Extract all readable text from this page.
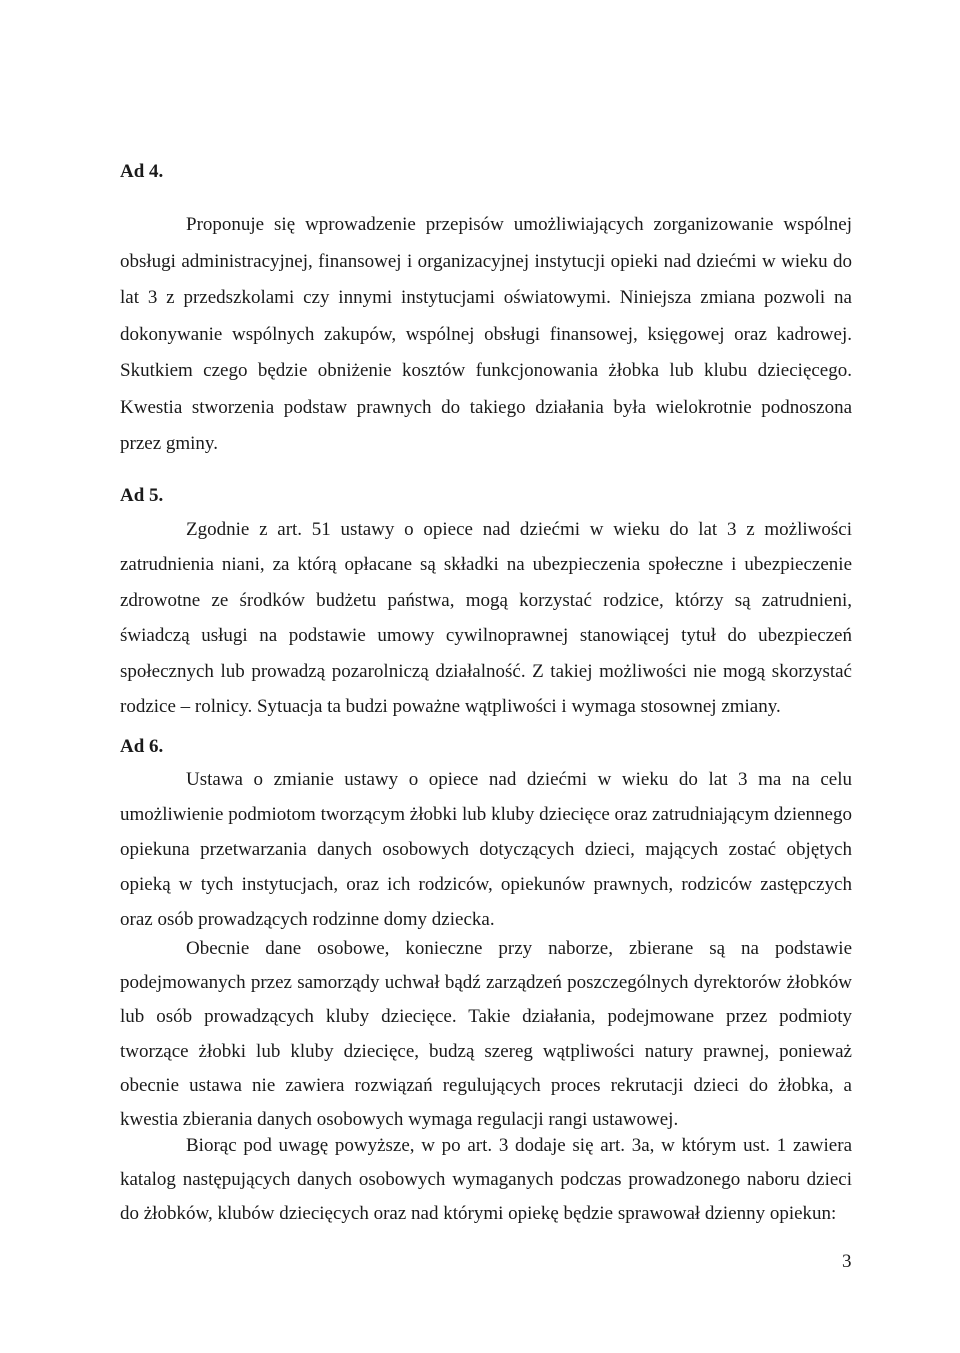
Ad 4.

Proponuje się wprowadzenie przepisów umożliwiających zorganizowanie wspólnej obsługi administracyjnej, finansowej i organizacyjnej instytucji opieki nad dziećmi w wieku do lat 3 z przedszkolami czy innymi instytucjami oświatowymi. Niniejsza zmiana pozwoli na dokonywanie wspólnych zakupów, wspólnej obsługi finansowej, księgowej oraz kadrowej. Skutkiem czego będzie obniżenie kosztów funkcjonowania żłobka lub klubu dziecięcego. Kwestia stworzenia podstaw prawnych do takiego działania była wielokrotnie podnoszona przez gminy.

Ad 5.

Zgodnie z art. 51 ustawy o opiece nad dziećmi w wieku do lat 3 z możliwości zatrudnienia niani, za którą opłacane są składki na ubezpieczenia społeczne i ubezpieczenie zdrowotne ze środków budżetu państwa, mogą korzystać rodzice, którzy są zatrudnieni, świadczą usługi na podstawie umowy cywilnoprawnej stanowiącej tytuł do ubezpieczeń społecznych lub prowadzą pozarolniczą działalność. Z takiej możliwości nie mogą skorzystać rodzice – rolnicy. Sytuacja ta budzi poważne wątpliwości i wymaga stosownej zmiany.

Ad 6.

Ustawa o zmianie ustawy o opiece nad dziećmi w wieku do lat 3 ma na celu umożliwienie podmiotom tworzącym żłobki lub kluby dziecięce oraz zatrudniającym dziennego opiekuna przetwarzania danych osobowych dotyczących dzieci, mających zostać objętych opieką w tych instytucjach, oraz ich rodziców, opiekunów prawnych, rodziców zastępczych oraz osób prowadzących rodzinne domy dziecka.

Obecnie dane osobowe, konieczne przy naborze, zbierane są na podstawie podejmowanych przez samorządy uchwał bądź zarządzeń poszczególnych dyrektorów żłobków lub osób prowadzących kluby dziecięce. Takie działania, podejmowane przez podmioty tworzące żłobki lub kluby dziecięce, budzą szereg wątpliwości natury prawnej, ponieważ obecnie ustawa nie zawiera rozwiązań regulujących proces rekrutacji dzieci do żłobka, a kwestia zbierania danych osobowych wymaga regulacji rangi ustawowej.

Biorąc pod uwagę powyższe, w po art. 3 dodaje się art. 3a, w którym ust. 1 zawiera katalog następujących danych osobowych wymaganych podczas prowadzonego naboru dzieci do żłobków, klubów dziecięcych oraz nad którymi opiekę będzie sprawował dzienny opiekun:

3
